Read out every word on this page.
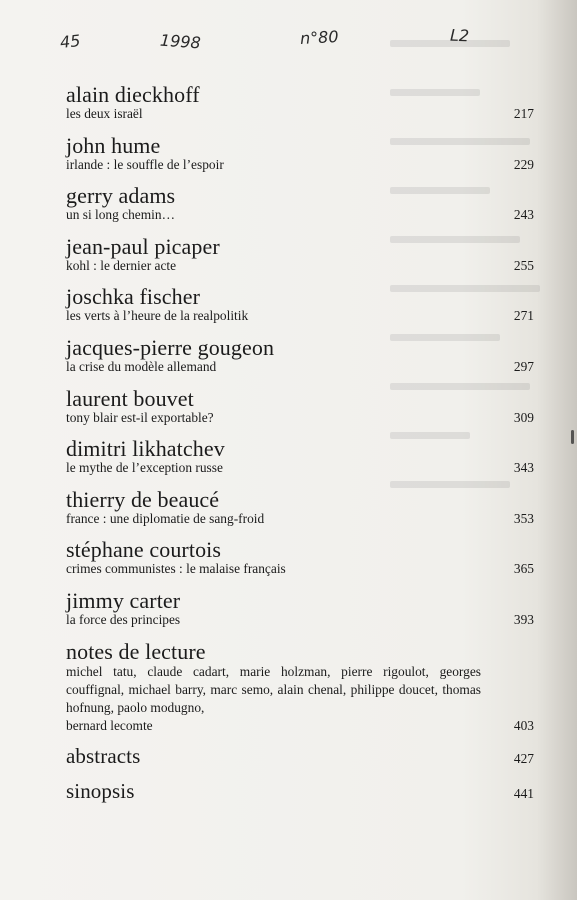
45	1998	n°80	L2
alain dieckhoff
les deux israël	217
john hume
irlande : le souffle de l’espoir	229
gerry adams
un si long chemin…	243
jean-paul picaper
kohl : le dernier acte	255
joschka fischer
les verts à l’heure de la realpolitik	271
jacques-pierre gougeon
la crise du modèle allemand	297
laurent bouvet
tony blair est-il exportable?	309
dimitri likhatchev
le mythe de l’exception russe	343
thierry de beaucé
france : une diplomatie de sang-froid	353
stéphane courtois
crimes communistes : le malaise français	365
jimmy carter
la force des principes	393
notes de lecture
michel tatu, claude cadart, marie holzman, pierre rigoulot, georges couffignal, michael barry, marc semo, alain chenal, philippe doucet, thomas hofnung, paolo modugno,
bernard lecomte	403
abstracts	427
sinopsis	441
